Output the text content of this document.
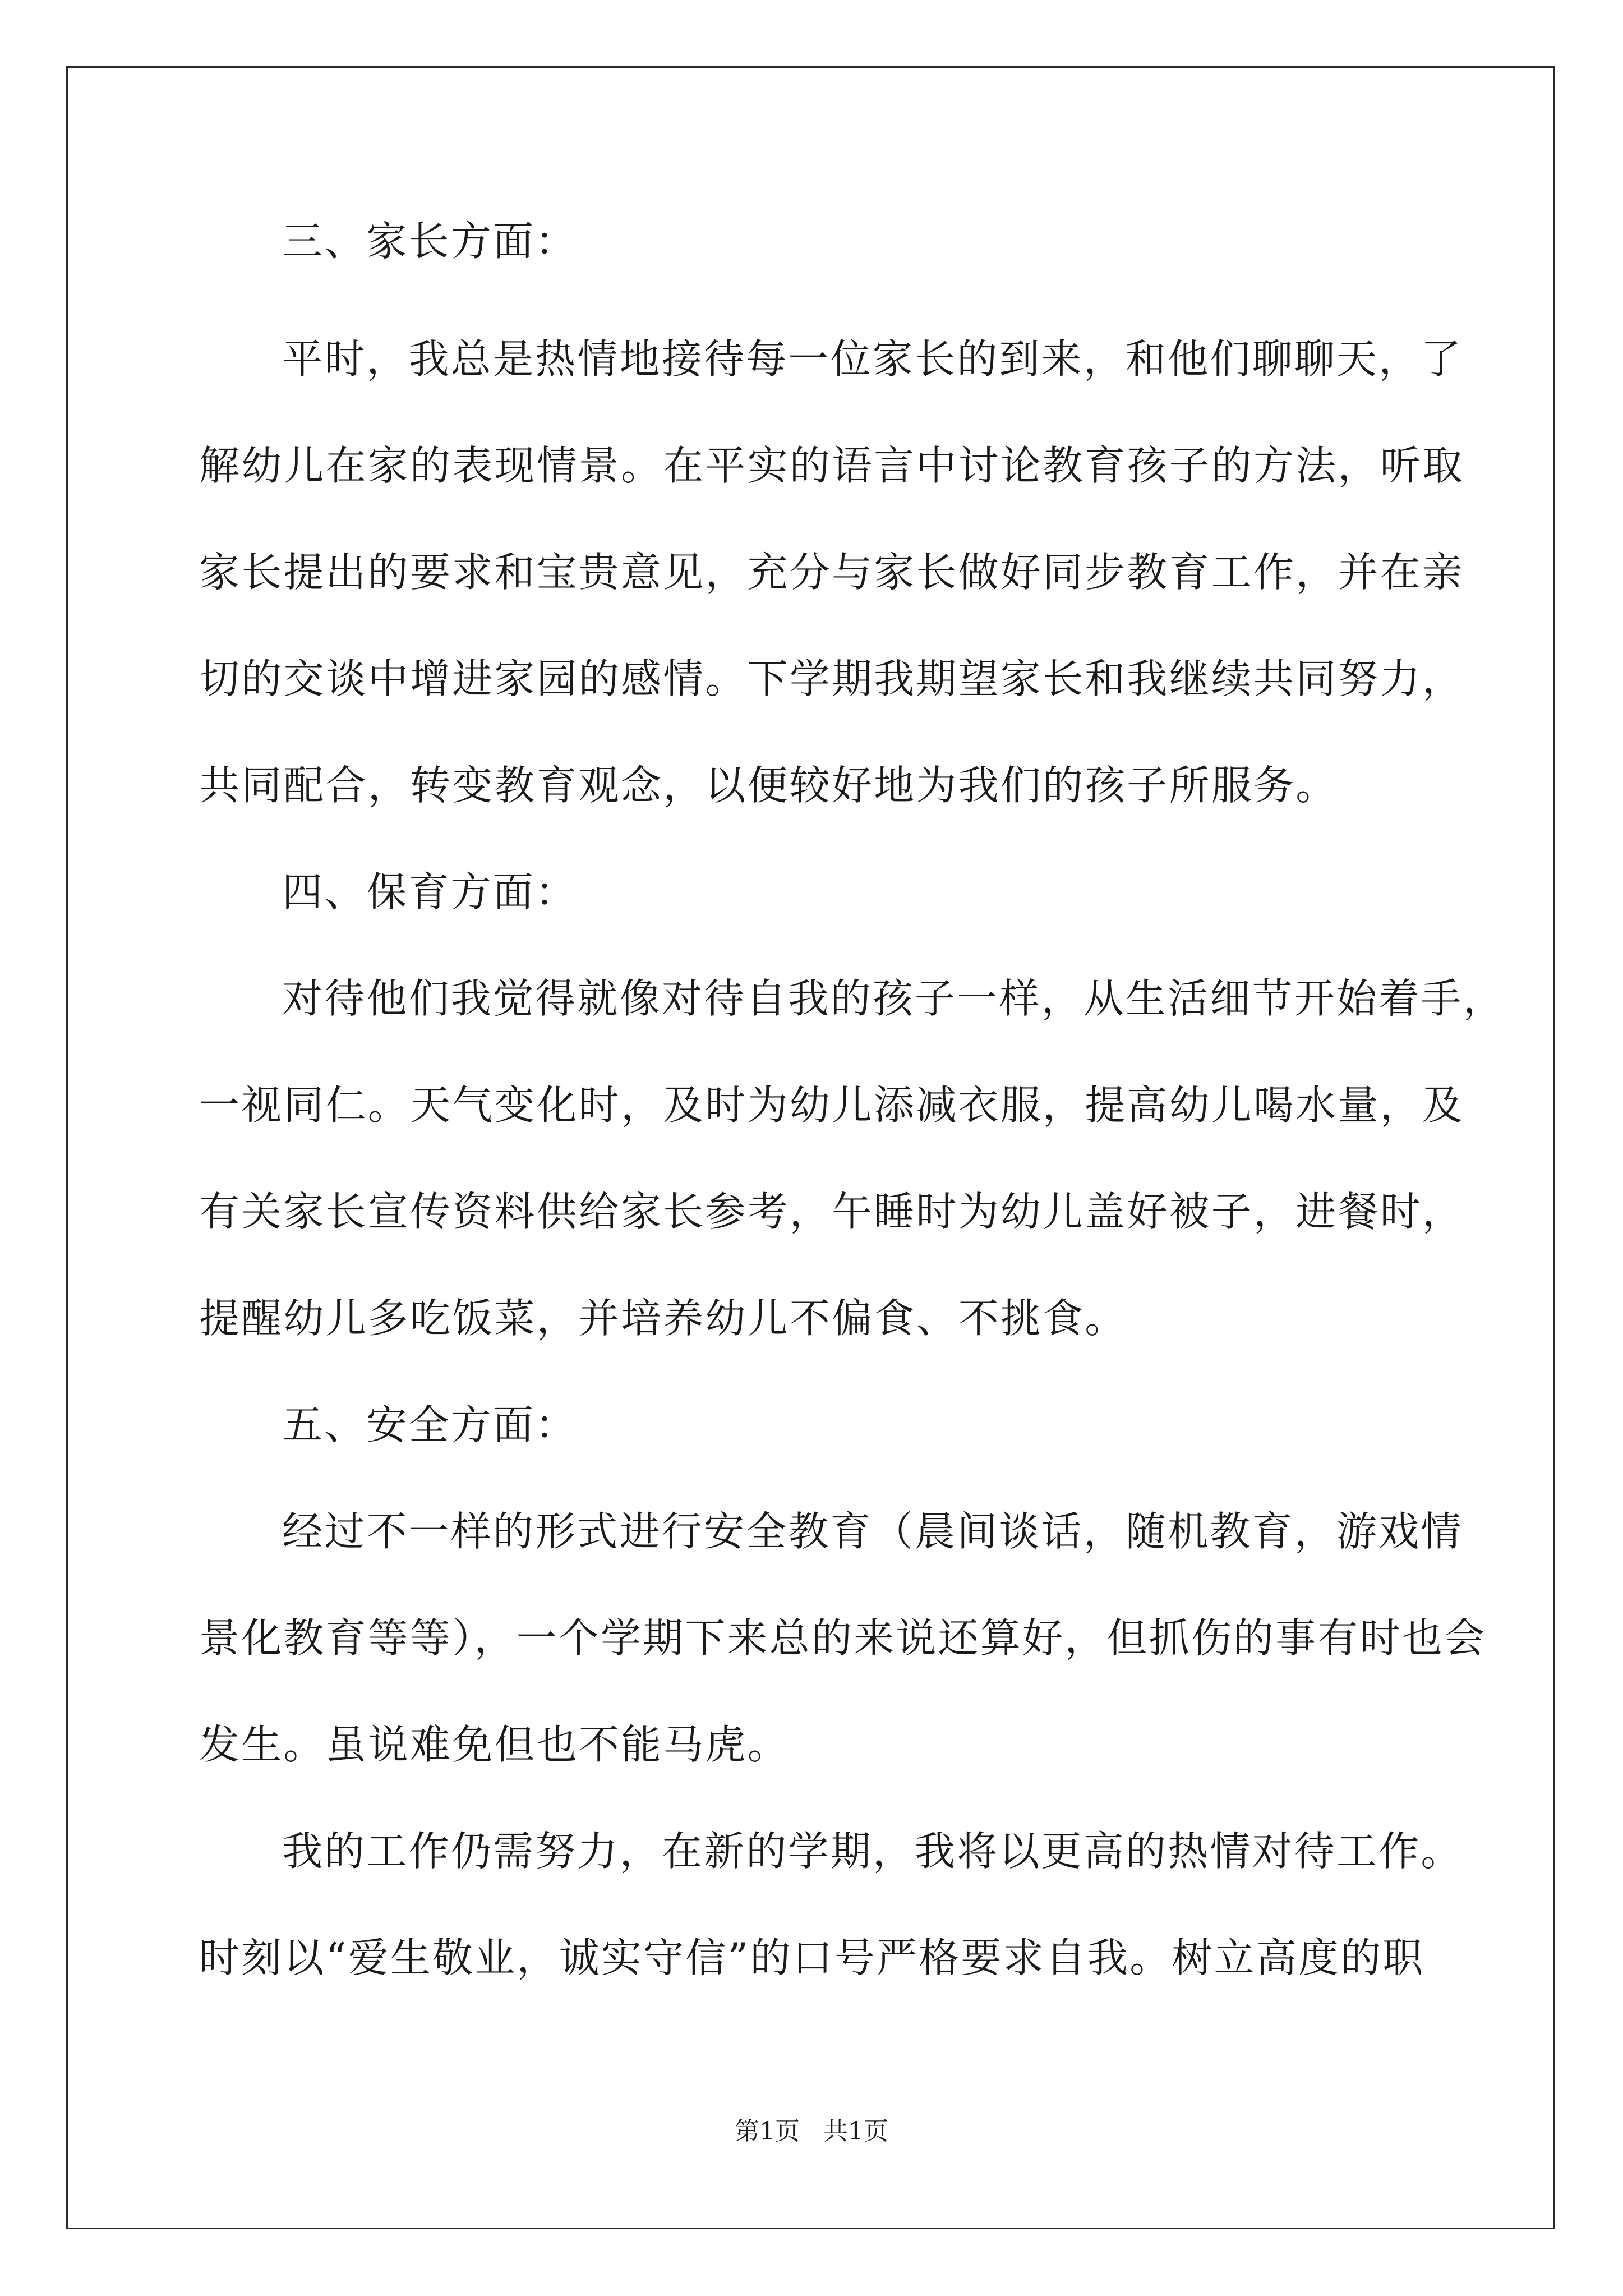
三、家长方面：
平时，我总是热情地接待每一位家长的到来，和他们聊聊天，了
解幼儿在家的表现情景。在平实的语言中讨论教育孩子的方法，听取
家长提出的要求和宝贵意见，充分与家长做好同步教育工作，并在亲
切的交谈中增进家园的感情。下学期我期望家长和我继续共同努力，
共同配合，转变教育观念，以便较好地为我们的孩子所服务。
四、保育方面：
对待他们我觉得就像对待自我的孩子一样，从生活细节开始着手，
一视同仁。天气变化时，及时为幼儿添减衣服，提高幼儿喝水量，及
有关家长宣传资料供给家长参考，午睡时为幼儿盖好被子，进餐时，
提醒幼儿多吃饭菜，并培养幼儿不偏食、不挑食。
五、安全方面：
经过不一样的形式进行安全教育（晨间谈话，随机教育，游戏情
景化教育等等），一个学期下来总的来说还算好，但抓伤的事有时也会
发生。虽说难免但也不能马虎。
我的工作仍需努力，在新的学期，我将以更高的热情对待工作。
时刻以“爱生敬业，诚实守信”的口号严格要求自我。树立高度的职
第1页   共1页
